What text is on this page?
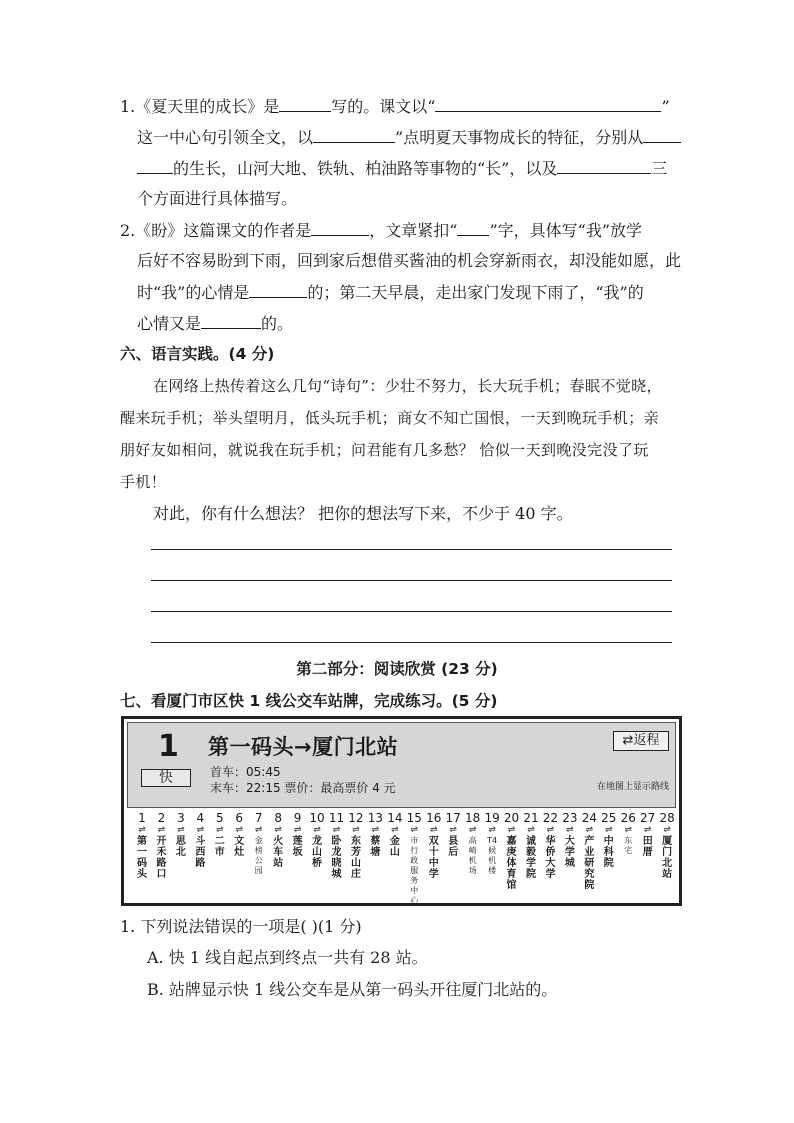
1.《夏天里的成长》是	写的。课文以“	”
这一中心句引领全文，以	”点明夏天事物成长的特征，分别从
的生长，山河大地、铁轨、柏油路等事物的“长”，以及	三
个方面进行具体描写。
2.《盼》这篇课文的作者是	，文章紧扣“ ”字，具体写“我”放学
后好不容易盼到下雨，回到家后想借买酱油的机会穿新雨衣，却没能如愿，此
时“我”的心情是	的；第二天早晨，走出家门发现下雨了，“我”的
心情又是	的。
六、语言实践。(4 分)
在网络上热传着这么几句“诗句”：少壮不努力，长大玩手机；春眠不觉晓，
醒来玩手机；举头望明月，低头玩手机；商女不知亡国恨，一天到晚玩手机；亲
朋好友如相问，就说我在玩手机；问君能有几多愁？ 恰似一天到晚没完没了玩
手机！
对此，你有什么想法？ 把你的想法写下来，不少于 40 字。
第二部分：阅读欣赏 (23 分)
七、看厦门市区快 1 线公交车站牌，完成练习。(5 分)
1
快
第一码头→厦门北站
首车：05:45
末车：22:15 票价：最高票价 4 元
⇄返程
在地图上显示路线
1
⇌
第一码头
2
⇌
开禾路口
3
⇌
思北
4
⇌
斗西路
5
⇌
二市
6
⇌
文灶
7
⇌
金榜公园
8
⇌
火车站
9
⇌
莲坂
10
⇌
龙山桥
11
⇌
卧龙晓城
12
⇌
东芳山庄
13
⇌
蔡塘
14
⇌
金山
15
⇌
市行政服务中心
16
⇌
双十中学
17
⇌
县后
18
⇌
高崎机场
19
⇌
T4候机楼
20
⇌
嘉庚体育馆
21
⇌
诚毅学院
22
⇌
华侨大学
23
⇌
大学城
24
⇌
产业研究院
25
⇌
中科院
26
⇌
东宅
27
⇌
田厝
28
⇌
厦门北站
1. 下列说法错误的一项是( )(1 分)
A. 快 1 线自起点到终点一共有 28 站。
B. 站牌显示快 1 线公交车是从第一码头开往厦门北站的。
